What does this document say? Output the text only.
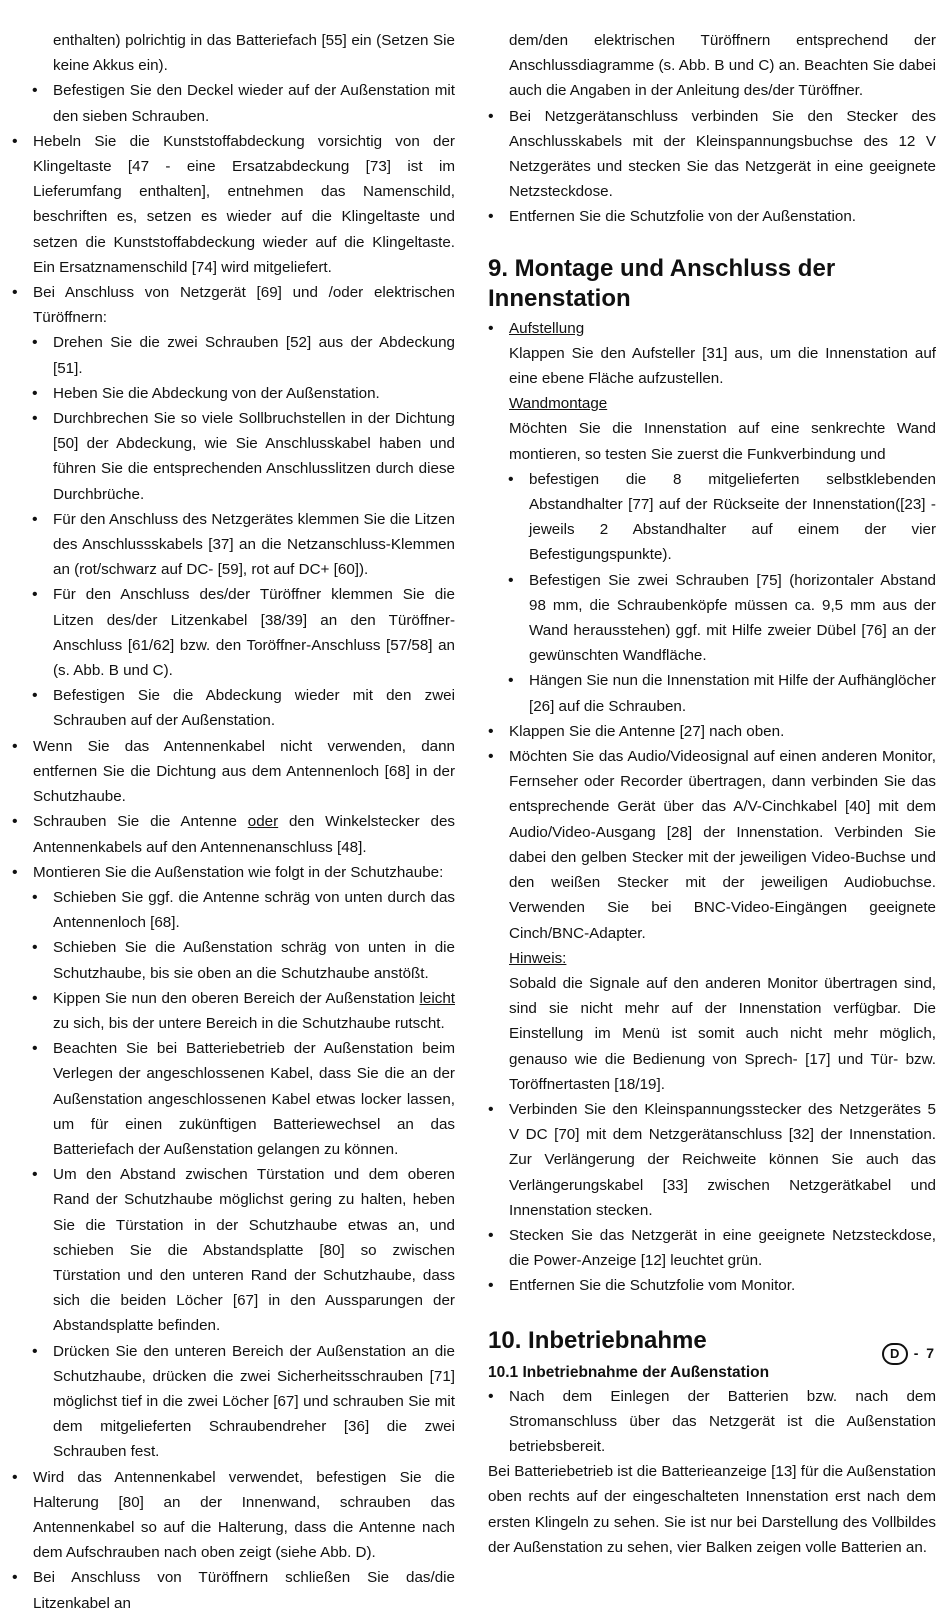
enthalten) polrichtig in das Batteriefach [55] ein (Setzen Sie keine Akkus ein).

• Befestigen Sie den Deckel wieder auf der Außenstation mit den sieben Schrauben.

• Hebeln Sie die Kunststoffabdeckung vorsichtig von der Klingeltaste [47 - eine Ersatzabdeckung [73] ist im Lieferumfang enthalten], entnehmen das Namenschild, beschriften es, setzen es wieder auf die Klingeltaste und setzen die Kunststoffabdeckung wieder auf die Klingeltaste. Ein Ersatznamenschild [74] wird mitgeliefert.

• Bei Anschluss von Netzgerät [69] und /oder elektrischen Türöffnern:

• Drehen Sie die zwei Schrauben [52] aus der Abdeckung [51].

• Heben Sie die Abdeckung von der Außenstation.

• Durchbrechen Sie so viele Sollbruchstellen in der Dichtung [50] der Abdeckung, wie Sie Anschlusskabel haben und führen Sie die entsprechenden Anschlusslitzen durch diese Durchbrüche.

• Für den Anschluss des Netzgerätes klemmen Sie die Litzen des Anschlussskabels [37] an die Netzanschluss-Klemmen an (rot/schwarz auf DC- [59], rot auf DC+ [60]).

• Für den Anschluss des/der Türöffner klemmen Sie die Litzen des/der Litzenkabel [38/39] an den Türöffner-Anschluss [61/62] bzw. den Toröffner-Anschluss [57/58] an (s. Abb. B und C).

• Befestigen Sie die Abdeckung wieder mit den zwei Schrauben auf der Außenstation.

• Wenn Sie das Antennenkabel nicht verwenden, dann entfernen Sie die Dichtung aus dem Antennenloch [68] in der Schutzhaube.

• Schrauben Sie die Antenne oder den Winkelstecker des Antennenkabels auf den Antennenanschluss [48].

• Montieren Sie die Außenstation wie folgt in der Schutzhaube:

• Schieben Sie ggf. die Antenne schräg von unten durch das Antennenloch [68].

• Schieben Sie die Außenstation schräg von unten in die Schutzhaube, bis sie oben an die Schutzhaube anstößt.

• Kippen Sie nun den oberen Bereich der Außenstation leicht zu sich, bis der untere Bereich in die Schutzhaube rutscht.

• Beachten Sie bei Batteriebetrieb der Außenstation beim Verlegen der angeschlossenen Kabel, dass Sie die an der Außenstation angeschlossenen Kabel etwas locker lassen, um für einen zukünftigen Batteriewechsel an das Batteriefach der Außenstation gelangen zu können.

• Um den Abstand zwischen Türstation und dem oberen Rand der Schutzhaube möglichst gering zu halten, heben Sie die Türstation in der Schutzhaube etwas an, und schieben Sie die Abstandsplatte [80] so zwischen Türstation und den unteren Rand der Schutzhaube, dass sich die beiden Löcher [67] in den Aussparungen der Abstandsplatte befinden.

• Drücken Sie den unteren Bereich der Außenstation an die Schutzhaube, drücken die zwei Sicherheitsschrauben [71] möglichst tief in die zwei Löcher [67] und schrauben Sie mit dem mitgelieferten Schraubendreher [36] die zwei Schrauben fest.

• Wird das Antennenkabel verwendet, befestigen Sie die Halterung [80] an der Innenwand, schrauben das Antennenkabel so auf die Halterung, dass die Antenne nach dem Aufschrauben nach oben zeigt (siehe Abb. D).

• Bei Anschluss von Türöffnern schließen Sie das/die Litzenkabel an

dem/den elektrischen Türöffnern entsprechend der Anschlussdiagramme (s. Abb. B und C) an. Beachten Sie dabei auch die Angaben in der Anleitung des/der Türöffner.

• Bei Netzgerätanschluss verbinden Sie den Stecker des Anschlusskabels mit der Kleinspannungsbuchse des 12 V Netzgerätes und stecken Sie das Netzgerät in eine geeignete Netzsteckdose.

• Entfernen Sie die Schutzfolie von der Außenstation.

9. Montage und Anschluss der Innenstation

• Aufstellung

Klappen Sie den Aufsteller [31] aus, um die Innenstation auf eine ebene Fläche aufzustellen.

Wandmontage

Möchten Sie die Innenstation auf eine senkrechte Wand montieren, so testen Sie zuerst die Funkverbindung und

• befestigen die 8 mitgelieferten selbstklebenden Abstandhalter [77] auf der Rückseite der Innenstation([23] - jeweils 2 Abstandhalter auf einem der vier Befestigungspunkte).

• Befestigen Sie zwei Schrauben [75] (horizontaler Abstand 98 mm, die Schraubenköpfe müssen ca. 9,5 mm aus der Wand herausstehen) ggf. mit Hilfe zweier Dübel [76] an der gewünschten Wandfläche.

• Hängen Sie nun die Innenstation mit Hilfe der Aufhänglöcher [26] auf die Schrauben.

• Klappen Sie die Antenne [27] nach oben.

• Möchten Sie das Audio/Videosignal auf einen anderen Monitor, Fernseher oder Recorder übertragen, dann verbinden Sie das entsprechende Gerät über das A/V-Cinchkabel [40] mit dem Audio/Video-Ausgang [28] der Innenstation. Verbinden Sie dabei den gelben Stecker mit der jeweiligen Video-Buchse und den weißen Stecker mit der jeweiligen Audiobuchse. Verwenden Sie bei BNC-Video-Eingängen geeignete Cinch/BNC-Adapter.

Hinweis:

Sobald die Signale auf den anderen Monitor übertragen sind, sind sie nicht mehr auf der Innenstation verfügbar. Die Einstellung im Menü ist somit auch nicht mehr möglich, genauso wie die Bedienung von Sprech- [17] und Tür- bzw. Toröffnertasten [18/19].

• Verbinden Sie den Kleinspannungsstecker des Netzgerätes 5 V DC [70] mit dem Netzgerätanschluss [32] der Innenstation. Zur Verlängerung der Reichweite können Sie auch das Verlängerungskabel [33] zwischen Netzgerätkabel und Innenstation stecken.

• Stecken Sie das Netzgerät in eine geeignete Netzsteckdose, die Power-Anzeige [12] leuchtet grün.

• Entfernen Sie die Schutzfolie vom Monitor.

10. Inbetriebnahme
10.1 Inbetriebnahme der Außenstation

• Nach dem Einlegen der Batterien bzw. nach dem Stromanschluss über das Netzgerät ist die Außenstation betriebsbereit.

Bei Batteriebetrieb ist die Batterieanzeige [13] für die Außenstation oben rechts auf der eingeschalteten Innenstation erst nach dem ersten Klingeln zu sehen. Sie ist nur bei Darstellung des Vollbildes der Außenstation zu sehen, vier Balken zeigen volle Batterien an.

D - 7
